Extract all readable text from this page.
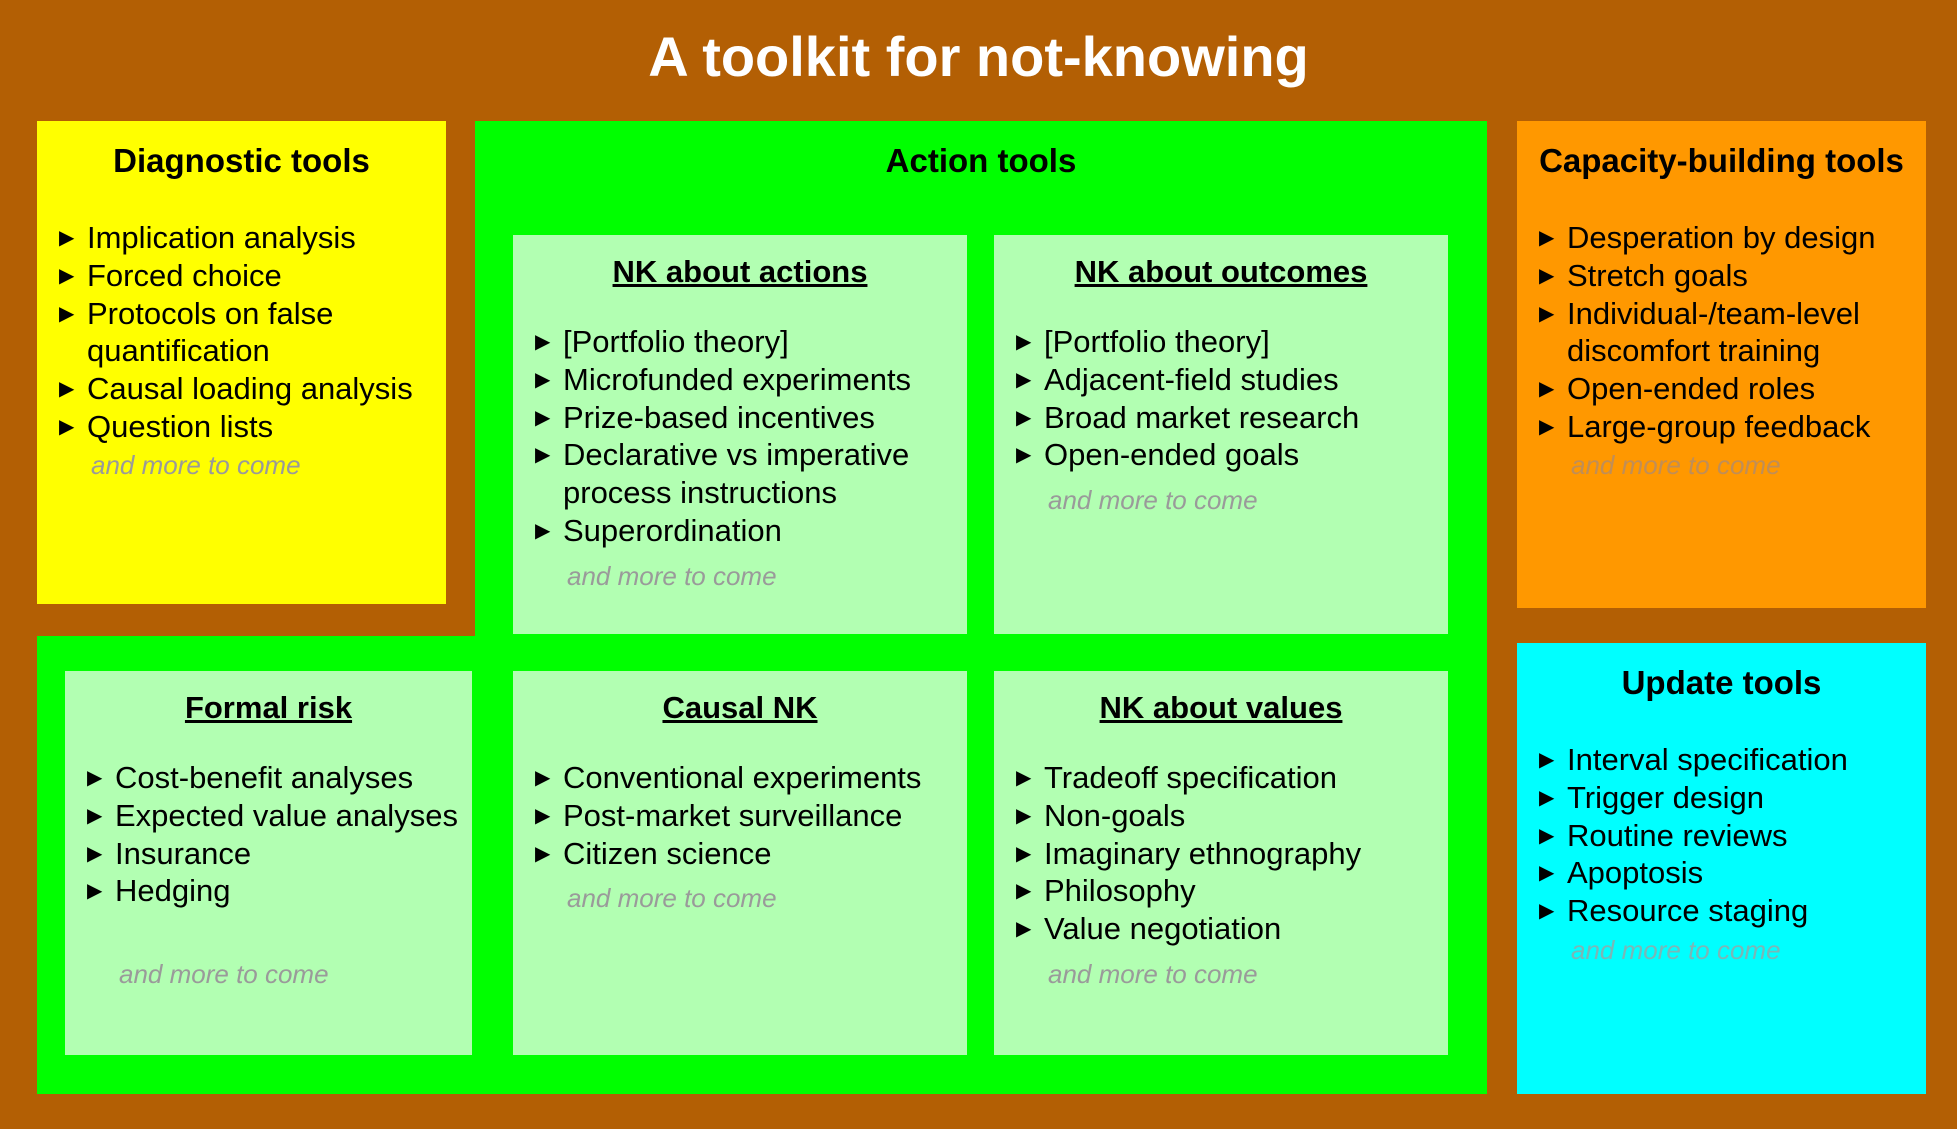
A toolkit for not-knowing
Diagnostic tools
▶ Implication analysis
▶ Forced choice
▶ Protocols on false quantification
▶ Causal loading analysis
▶ Question lists
and more to come
Action tools
NK about actions
▶ [Portfolio theory]
▶ Microfunded experiments
▶ Prize-based incentives
▶ Declarative vs imperative process instructions
▶ Superordination
and more to come
NK about outcomes
▶ [Portfolio theory]
▶ Adjacent-field studies
▶ Broad market research
▶ Open-ended goals
and more to come
Formal risk
▶ Cost-benefit analyses
▶ Expected value analyses
▶ Insurance
▶ Hedging
and more to come
Causal NK
▶ Conventional experiments
▶ Post-market surveillance
▶ Citizen science
and more to come
NK about values
▶ Tradeoff specification
▶ Non-goals
▶ Imaginary ethnography
▶ Philosophy
▶ Value negotiation
and more to come
Capacity-building tools
▶ Desperation by design
▶ Stretch goals
▶ Individual-/team-level discomfort training
▶ Open-ended roles
▶ Large-group feedback
and more to come
Update tools
▶ Interval specification
▶ Trigger design
▶ Routine reviews
▶ Apoptosis
▶ Resource staging
and more to come
